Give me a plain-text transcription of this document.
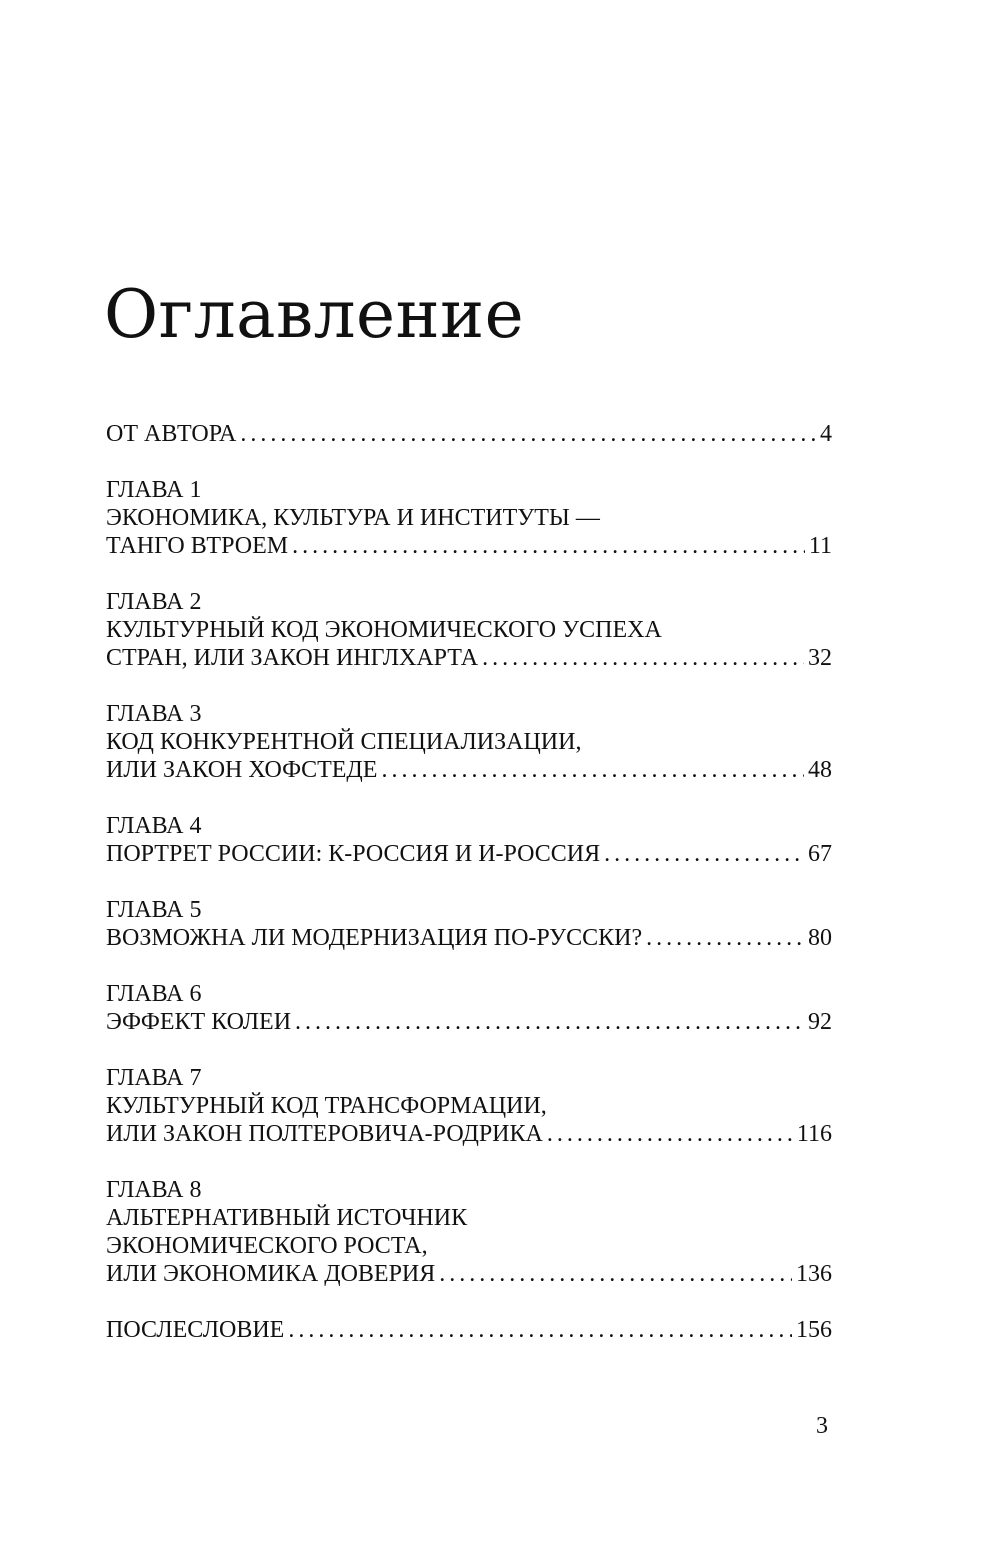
Оглавление
ОТ АВТОРА . . .	4
ГЛАВА 1
ЭКОНОМИКА, КУЛЬТУРА И ИНСТИТУТЫ —
ТАНГО ВТРОЕМ . . .	11
ГЛАВА 2
КУЛЬТУРНЫЙ КОД ЭКОНОМИЧЕСКОГО УСПЕХА
СТРАН, ИЛИ ЗАКОН ИНГЛХАРТА . . .	32
ГЛАВА 3
КОД КОНКУРЕНТНОЙ СПЕЦИАЛИЗАЦИИ,
ИЛИ ЗАКОН ХОФСТЕДЕ . . .	48
ГЛАВА 4
ПОРТРЕТ РОССИИ: К-РОССИЯ И И-РОССИЯ . . .	67
ГЛАВА 5
ВОЗМОЖНА ЛИ МОДЕРНИЗАЦИЯ ПО-РУССКИ? . . .	80
ГЛАВА 6
ЭФФЕКТ КОЛЕИ . . .	92
ГЛАВА 7
КУЛЬТУРНЫЙ КОД ТРАНСФОРМАЦИИ,
ИЛИ ЗАКОН ПОЛТЕРОВИЧА-РОДРИКА . . .	116
ГЛАВА 8
АЛЬТЕРНАТИВНЫЙ ИСТОЧНИК
ЭКОНОМИЧЕСКОГО РОСТА,
ИЛИ ЭКОНОМИКА ДОВЕРИЯ . . .	136
ПОСЛЕСЛОВИЕ . . .	156
3
